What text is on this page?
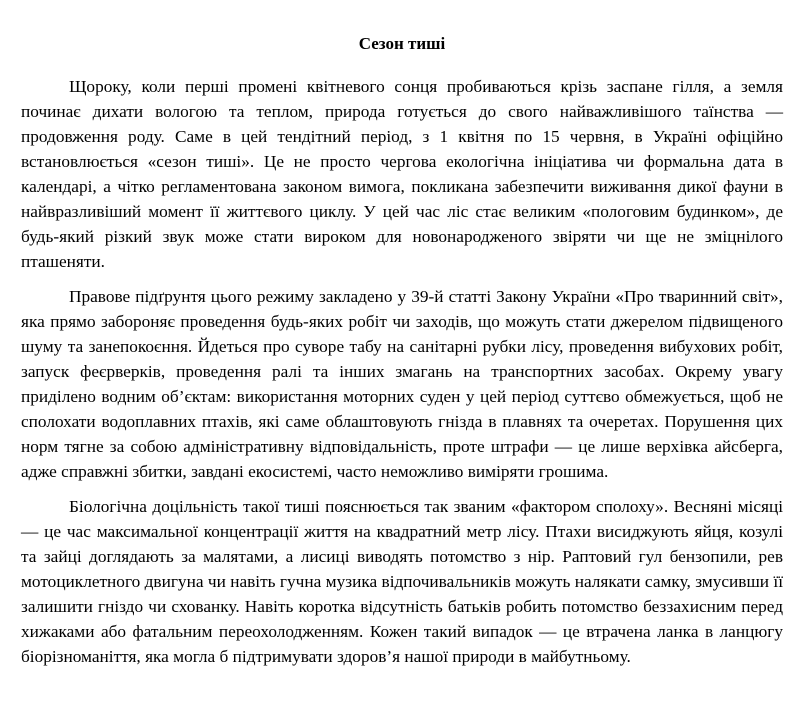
Сезон тиші

Щороку, коли перші промені квітневого сонця пробиваються крізь заспане гілля, а земля починає дихати вологою та теплом, природа готується до свого найважливішого таїнства — продовження роду. Саме в цей тендітний період, з 1 квітня по 15 червня, в Україні офіційно встановлюється «сезон тиші». Це не просто чергова екологічна ініціатива чи формальна дата в календарі, а чітко регламентована законом вимога, покликана забезпечити виживання дикої фауни в найвразливіший момент її життєвого циклу. У цей час ліс стає великим «пологовим будинком», де будь-який різкий звук може стати вироком для новонародженого звіряти чи ще не зміцнілого пташеняти.

Правове підґрунтя цього режиму закладено у 39-й статті Закону України «Про тваринний світ», яка прямо забороняє проведення будь-яких робіт чи заходів, що можуть стати джерелом підвищеного шуму та занепокоєння. Йдеться про суворе табу на санітарні рубки лісу, проведення вибухових робіт, запуск феєрверків, проведення ралі та інших змагань на транспортних засобах. Окрему увагу приділено водним об’єктам: використання моторних суден у цей період суттєво обмежується, щоб не сполохати водоплавних птахів, які саме облаштовують гнізда в плавнях та очеретах. Порушення цих норм тягне за собою адміністративну відповідальність, проте штрафи — це лише верхівка айсберга, адже справжні збитки, завдані екосистемі, часто неможливо виміряти грошима.

Біологічна доцільність такої тиші пояснюється так званим «фактором сполоху». Весняні місяці — це час максимальної концентрації життя на квадратний метр лісу. Птахи висиджують яйця, козулі та зайці доглядають за малятами, а лисиці виводять потомство з нір. Раптовий гул бензопили, рев мотоциклетного двигуна чи навіть гучна музика відпочивальників можуть налякати самку, змусивши її залишити гніздо чи схованку. Навіть коротка відсутність батьків робить потомство беззахисним перед хижаками або фатальним переохолодженням. Кожен такий випадок — це втрачена ланка в ланцюгу біорізноманіття, яка могла б підтримувати здоров’я нашої природи в майбутньому.
